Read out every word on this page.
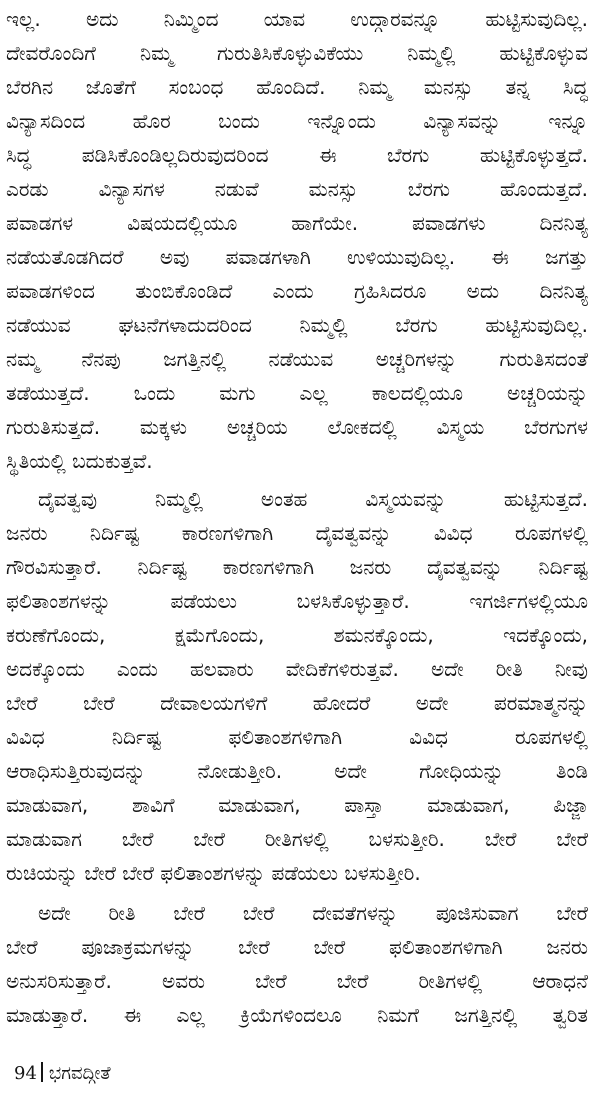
ಇಲ್ಲ. ಅದು ನಿಮ್ಮಿಂದ ಯಾವ ಉದ್ಗಾರವನ್ನೂ ಹುಟ್ಟಿಸುವುದಿಲ್ಲ.
ದೇವರೊಂದಿಗೆ ನಿಮ್ಮ ಗುರುತಿಸಿಕೊಳ್ಳುವಿಕೆಯು ನಿಮ್ಮಲ್ಲಿ ಹುಟ್ಟಿಕೊಳ್ಳುವ
ಬೆರಗಿನ ಜೊತೆಗೆ ಸಂಬಂಧ ಹೊಂದಿದೆ. ನಿಮ್ಮ ಮನಸ್ಸು ತನ್ನ ಸಿದ್ಧ
ವಿನ್ಯಾಸದಿಂದ ಹೊರ ಬಂದು ಇನ್ನೊಂದು ವಿನ್ಯಾಸವನ್ನು ಇನ್ನೂ
ಸಿದ್ಧ ಪಡಿಸಿಕೊಂಡಿಲ್ಲದಿರುವುದರಿಂದ ಈ ಬೆರಗು ಹುಟ್ಟಿಕೊಳ್ಳುತ್ತದೆ.
ಎರಡು ವಿನ್ಯಾಸಗಳ ನಡುವೆ ಮನಸ್ಸು ಬೆರಗು ಹೊಂದುತ್ತದೆ.
ಪವಾಡಗಳ ವಿಷಯದಲ್ಲಿಯೂ ಹಾಗೆಯೇ. ಪವಾಡಗಳು ದಿನನಿತ್ಯ
ನಡೆಯತೊಡಗಿದರೆ ಅವು ಪವಾಡಗಳಾಗಿ ಉಳಿಯುವುದಿಲ್ಲ. ಈ ಜಗತ್ತು
ಪವಾಡಗಳಿಂದ ತುಂಬಿಕೊಂಡಿದೆ ಎಂದು ಗ್ರಹಿಸಿದರೂ ಅದು ದಿನನಿತ್ಯ
ನಡೆಯುವ ಘಟನೆಗಳಾದುದರಿಂದ ನಿಮ್ಮಲ್ಲಿ ಬೆರಗು ಹುಟ್ಟಿಸುವುದಿಲ್ಲ.
ನಮ್ಮ ನೆನಪು ಜಗತ್ತಿನಲ್ಲಿ ನಡೆಯುವ ಅಚ್ಚರಿಗಳನ್ನು ಗುರುತಿಸದಂತೆ
ತಡೆಯುತ್ತದೆ. ಒಂದು ಮಗು ಎಲ್ಲ ಕಾಲದಲ್ಲಿಯೂ ಅಚ್ಚರಿಯನ್ನು
ಗುರುತಿಸುತ್ತದೆ. ಮಕ್ಕಳು ಅಚ್ಚರಿಯ ಲೋಕದಲ್ಲಿ ವಿಸ್ಮಯ ಬೆರಗುಗಳ
ಸ್ಥಿತಿಯಲ್ಲಿ ಬದುಕುತ್ತವೆ.
ದೈವತ್ವವು ನಿಮ್ಮಲ್ಲಿ ಅಂತಹ ವಿಸ್ಮಯವನ್ನು ಹುಟ್ಟಿಸುತ್ತದೆ.
ಜನರು ನಿರ್ದಿಷ್ಟ ಕಾರಣಗಳಿಗಾಗಿ ದೈವತ್ವವನ್ನು ವಿವಿಧ ರೂಪಗಳಲ್ಲಿ
ಗೌರವಿಸುತ್ತಾರೆ. ನಿರ್ದಿಷ್ಟ ಕಾರಣಗಳಿಗಾಗಿ ಜನರು ದೈವತ್ವವನ್ನು ನಿರ್ದಿಷ್ಟ
ಫಲಿತಾಂಶಗಳನ್ನು ಪಡೆಯಲು ಬಳಸಿಕೊಳ್ಳುತ್ತಾರೆ. ಇಗರ್ಜಿಗಳಲ್ಲಿಯೂ
ಕರುಣೆಗೊಂದು, ಕ್ಷಮೆಗೊಂದು, ಶಮನಕ್ಕೊಂದು, ಇದಕ್ಕೊಂದು,
ಅದಕ್ಕೊಂದು ಎಂದು ಹಲವಾರು ವೇದಿಕೆಗಳಿರುತ್ತವೆ. ಅದೇ ರೀತಿ ನೀವು
ಬೇರೆ ಬೇರೆ ದೇವಾಲಯಗಳಿಗೆ ಹೋದರೆ ಅದೇ ಪರಮಾತ್ಮನನ್ನು
ವಿವಿಧ ನಿರ್ದಿಷ್ಟ ಫಲಿತಾಂಶಗಳಿಗಾಗಿ ವಿವಿಧ ರೂಪಗಳಲ್ಲಿ
ಆರಾಧಿಸುತ್ತಿರುವುದನ್ನು ನೋಡುತ್ತೀರಿ. ಅದೇ ಗೋಧಿಯನ್ನು ತಿಂಡಿ
ಮಾಡುವಾಗ, ಶಾವಿಗೆ ಮಾಡುವಾಗ, ಪಾಸ್ತಾ ಮಾಡುವಾಗ, ಪಿಜ್ಜಾ
ಮಾಡುವಾಗ ಬೇರೆ ಬೇರೆ ರೀತಿಗಳಲ್ಲಿ ಬಳಸುತ್ತೀರಿ. ಬೇರೆ ಬೇರೆ
ರುಚಿಯನ್ನು ಬೇರೆ ಬೇರೆ ಫಲಿತಾಂಶಗಳನ್ನು ಪಡೆಯಲು ಬಳಸುತ್ತೀರಿ.
ಅದೇ ರೀತಿ ಬೇರೆ ಬೇರೆ ದೇವತೆಗಳನ್ನು ಪೂಜಿಸುವಾಗ ಬೇರೆ
ಬೇರೆ ಪೂಜಾಕ್ರಮಗಳನ್ನು ಬೇರೆ ಬೇರೆ ಫಲಿತಾಂಶಗಳಿಗಾಗಿ ಜನರು
ಅನುಸರಿಸುತ್ತಾರೆ. ಅವರು ಬೇರೆ ಬೇರೆ ರೀತಿಗಳಲ್ಲಿ ಆರಾಧನೆ
ಮಾಡುತ್ತಾರೆ. ಈ ಎಲ್ಲ ಕ್ರಿಯೆಗಳಿಂದಲೂ ನಿಮಗೆ ಜಗತ್ತಿನಲ್ಲಿ ತ್ವರಿತ
94 ಭಗವದ್ಗೀತೆ
